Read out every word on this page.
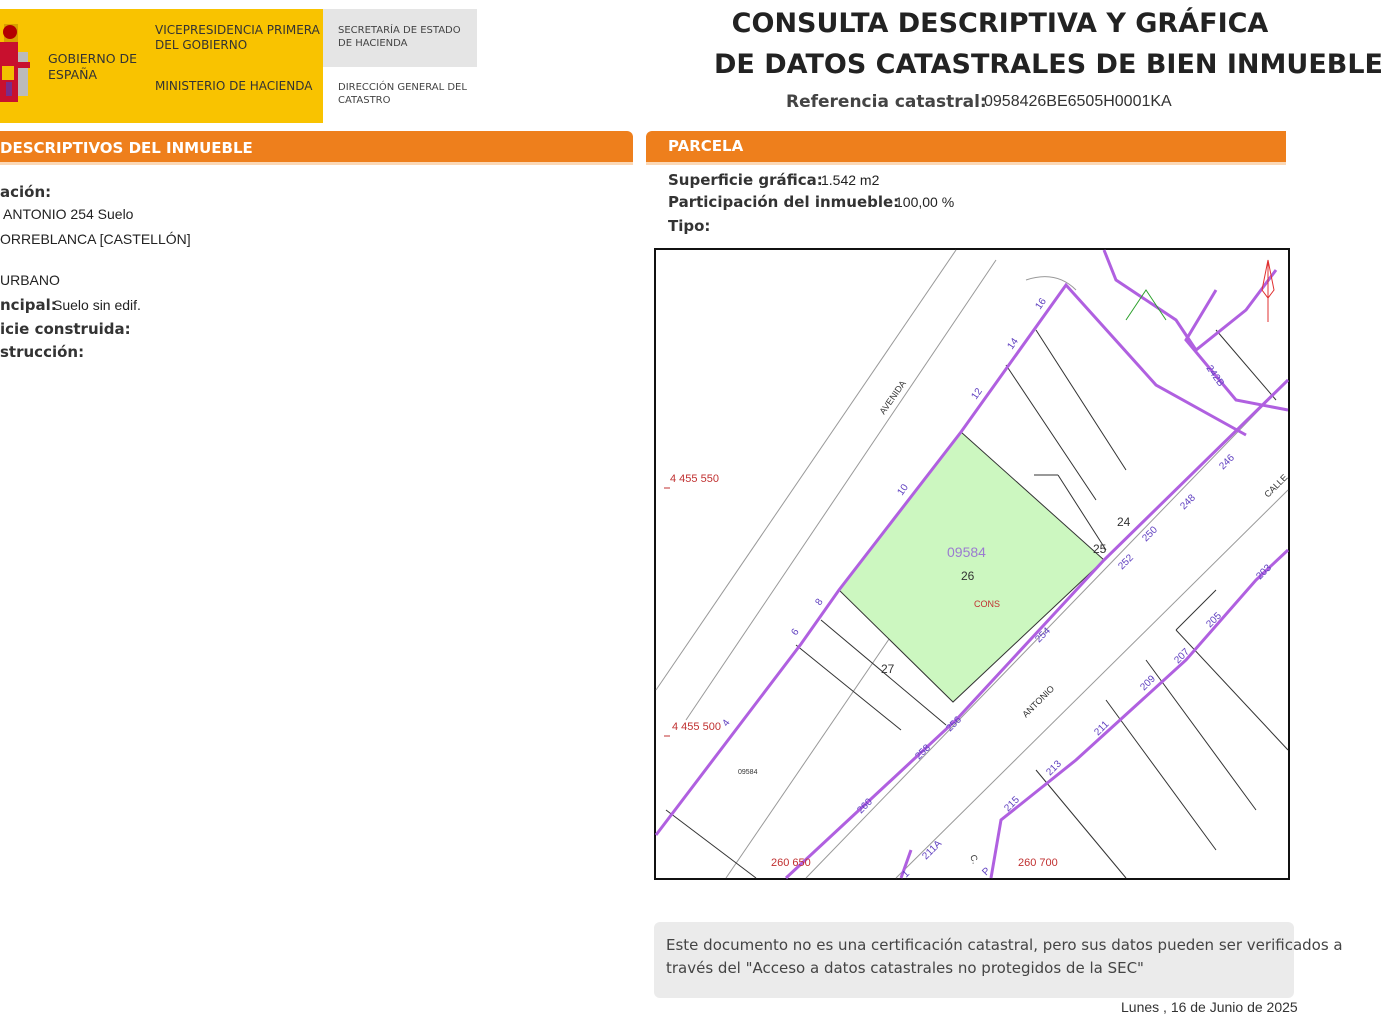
GOBIERNO DE ESPAÑA
VICEPRESIDENCIA PRIMERA DEL GOBIERNO
MINISTERIO DE HACIENDA
SECRETARÍA DE ESTADO DE HACIENDA
DIRECCIÓN GENERAL DEL CATASTRO
CONSULTA DESCRIPTIVA Y GRÁFICA
DE DATOS CATASTRALES DE BIEN INMUEBLE
Referencia catastral:
0958426BE6505H0001KA
DESCRIPTIVOS DEL INMUEBLE
ación:
ANTONIO 254 Suelo
ORREBLANCA [CASTELLÓN]
URBANO
ncipal:
Suelo sin edif.
icie construida:
strucción:
PARCELA
Superficie gráfica:
1.542 m2
Participación del inmueble:
100,00 %
Tipo:
4 455 550
4 455 500
260 650	260 700
09584
26
CONS
27
24
25
09584
AVENIDA
ANTONIO
CALLE
C.
16
14
12
10
8
6
4
242B
246
248
250
252
254
256
258
260
203
205
207
209
211
213
215
211A
P
1
Este documento no es una certificación catastral, pero sus datos pueden ser verificados a
través del "Acceso a datos catastrales no protegidos de la SEC"
Lunes , 16 de Junio de 2025
